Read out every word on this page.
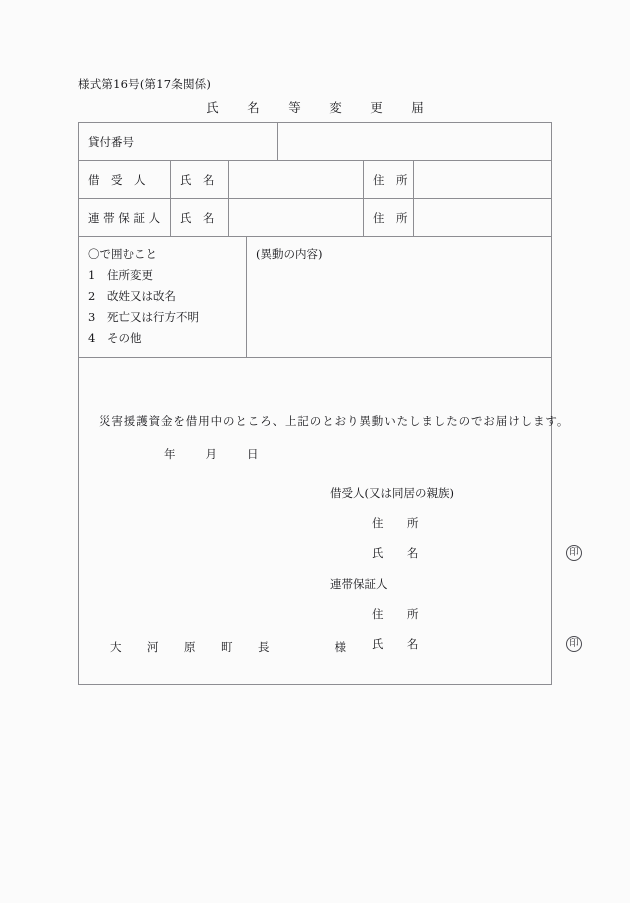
様式第16号(第17条関係)
氏　名　等　変　更　届
貸付番号
借　受　人	氏　名	住　所
連 帯 保 証 人	氏　名	住　所
〇で囲むこと
1 住所変更
2 改姓又は改名
3 死亡又は行方不明
4 その他
(異動の内容)
災害援護資金を借用中のところ、上記のとおり異動いたしましたのでお届けします。
年	月	日
借受人(又は同居の親族)
住　所
氏　名	印
連帯保証人
住　所
氏　名	印
大　河　原　町　長	様
